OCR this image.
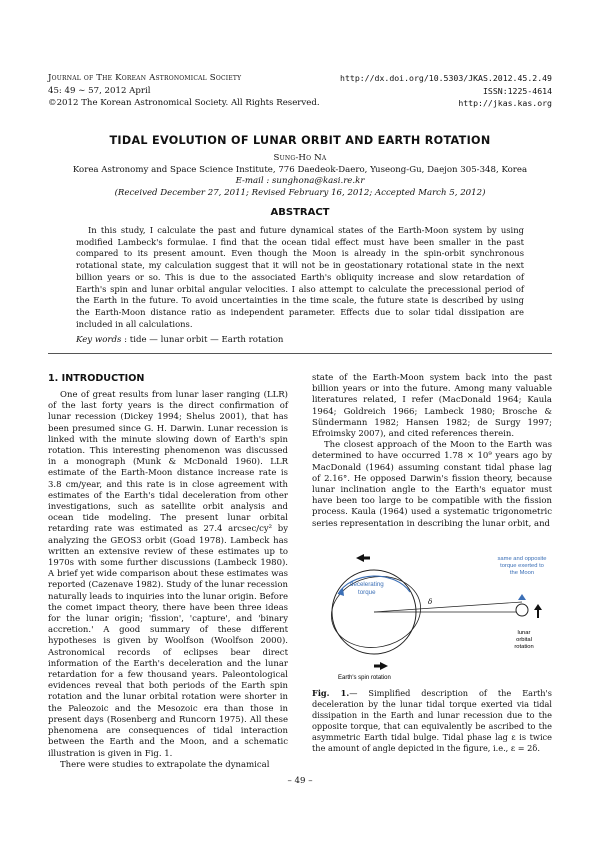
Journal of The Korean Astronomical Society
45: 49 ∼ 57, 2012 April
©2012 The Korean Astronomical Society. All Rights Reserved.
http://dx.doi.org/10.5303/JKAS.2012.45.2.49
ISSN:1225-4614
http://jkas.kas.org
TIDAL EVOLUTION OF LUNAR ORBIT AND EARTH ROTATION
Sung-Ho Na
Korea Astronomy and Space Science Institute, 776 Daedeok-Daero, Yuseong-Gu, Daejon 305-348, Korea
E-mail : sunghona@kasi.re.kr
(Received December 27, 2011; Revised February 16, 2012; Accepted March 5, 2012)
ABSTRACT

In this study, I calculate the past and future dynamical states of the Earth-Moon system by using modified Lambeck's formulae. I find that the ocean tidal effect must have been smaller in the past compared to its present amount. Even though the Moon is already in the spin-orbit synchronous rotational state, my calculation suggest that it will not be in geostationary rotational state in the next billion years or so. This is due to the associated Earth's obliquity increase and slow retardation of Earth's spin and lunar orbital angular velocities. I also attempt to calculate the precessional period of the Earth in the future. To avoid uncertainties in the time scale, the future state is described by using the Earth-Moon distance ratio as independent parameter. Effects due to solar tidal dissipation are included in all calculations.

Key words : tide — lunar orbit — Earth rotation
1. INTRODUCTION

One of great results from lunar laser ranging (LLR) of the last forty years is the direct confirmation of lunar recession (Dickey 1994; Shelus 2001), that has been presumed since G. H. Darwin. Lunar recession is linked with the minute slowing down of Earth's spin rotation. This interesting phenomenon was discussed in a monograph (Munk & McDonald 1960). LLR estimate of the Earth-Moon distance increase rate is 3.8 cm/year, and this rate is in close agreement with estimates of the Earth's tidal deceleration from other investigations, such as satellite orbit analysis and ocean tide modeling. The present lunar orbital retarding rate was estimated as 27.4 arcsec/cy² by analyzing the GEOS3 orbit (Goad 1978). Lambeck has written an extensive review of these estimates up to 1970s with some further discussions (Lambeck 1980). A brief yet wide comparison about these estimates was reported (Cazenave 1982). Study of the lunar recession naturally leads to inquiries into the lunar origin. Before the comet impact theory, there have been three ideas for the lunar origin; 'fission', 'capture', and 'binary accretion.' A good summary of these different hypotheses is given by Woolfson (Woolfson 2000). Astronomical records of eclipses bear direct information of the Earth's deceleration and the lunar retardation for a few thousand years. Paleontological evidences reveal that both periods of the Earth spin rotation and the lunar orbital rotation were shorter in the Paleozoic and the Mesozoic era than those in present days (Rosenberg and Runcorn 1975). All these phenomena are consequences of tidal interaction between the Earth and the Moon, and a schematic illustration is given in Fig. 1.

There were studies to extrapolate the dynamical

state of the Earth-Moon system back into the past billion years or into the future. Among many valuable literatures related, I refer (MacDonald 1964; Kaula 1964; Goldreich 1966; Lambeck 1980; Brosche & Sündermann 1982; Hansen 1982; de Surgy 1997; Efroimsky 2007), and cited references therein.

The closest approach of the Moon to the Earth was determined to have occurred 1.78 × 10⁹ years ago by MacDonald (1964) assuming constant tidal phase lag of 2.16°. He opposed Darwin's fission theory, because lunar inclination angle to the Earth's equator must have been too large to be compatible with the fission process. Kaula (1964) used a systematic trigonometric series representation in describing the lunar orbit, and

decelerating
torque
δ
same and opposite
torque exerted to
the Moon
lunar
orbital
rotation
Earth's spin rotation

Fig. 1.— Simplified description of the Earth's deceleration by the lunar tidal torque exerted via tidal dissipation in the Earth and lunar recession due to the opposite torque, that can equivalently be ascribed to the asymmetric Earth tidal bulge. Tidal phase lag ε is twice the amount of angle depicted in the figure, i.e., ε = 2δ.

– 49 –
